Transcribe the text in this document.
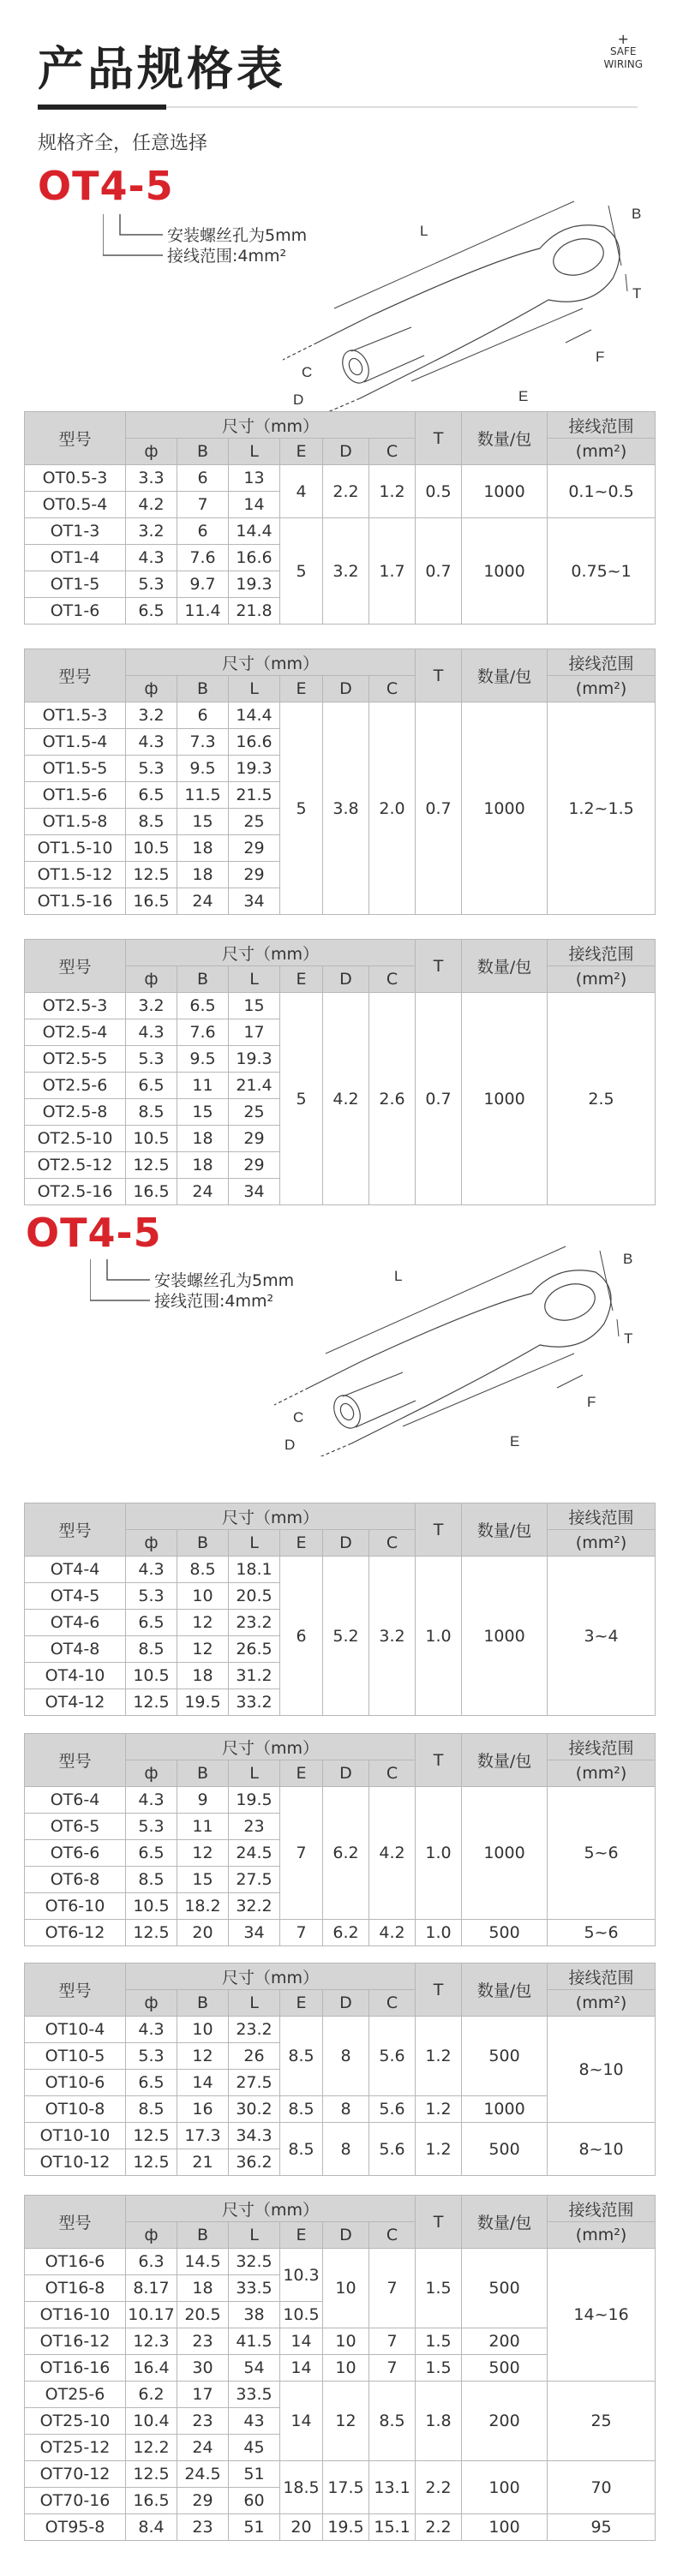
产品规格表
+
SAFE
WIRING
规格齐全，任意选择
OT4-5
安装螺丝孔为5mm
接线范围:4mm²
L
B
T
C
D	E
F
型号	尺寸（mm）						T	数量/包	接线范围
	ф	B	L	E	D	C			(mm²)
OT0.5-3	3.3	6	13	4	2.2	1.2	0.5	1000	0.1~0.5
OT0.5-4	4.2	7	14						
OT1-3	3.2	6	14.4	5	3.2	1.7	0.7	1000	0.75~1
OT1-4	4.3	7.6	16.6						
OT1-5	5.3	9.7	19.3						
OT1-6	6.5	11.4	21.8						
型号	尺寸（mm）						T	数量/包	接线范围
	ф	B	L	E	D	C			(mm²)
OT1.5-3	3.2	6	14.4	5	3.8	2.0	0.7	1000	1.2~1.5
OT1.5-4	4.3	7.3	16.6						
OT1.5-5	5.3	9.5	19.3						
OT1.5-6	6.5	11.5	21.5						
OT1.5-8	8.5	15	25						
OT1.5-10	10.5	18	29						
OT1.5-12	12.5	18	29						
OT1.5-16	16.5	24	34						
型号	尺寸（mm）						T	数量/包	接线范围
	ф	B	L	E	D	C			(mm²)
OT2.5-3	3.2	6.5	15	5	4.2	2.6	0.7	1000	2.5
OT2.5-4	4.3	7.6	17						
OT2.5-5	5.3	9.5	19.3						
OT2.5-6	6.5	11	21.4						
OT2.5-8	8.5	15	25						
OT2.5-10	10.5	18	29						
OT2.5-12	12.5	18	29						
OT2.5-16	16.5	24	34						
OT4-5
安装螺丝孔为5mm
接线范围:4mm²
L
B
T
C
D	E
F
型号	尺寸（mm）						T	数量/包	接线范围
	ф	B	L	E	D	C			(mm²)
OT4-4	4.3	8.5	18.1	6	5.2	3.2	1.0	1000	3~4
OT4-5	5.3	10	20.5						
OT4-6	6.5	12	23.2						
OT4-8	8.5	12	26.5						
OT4-10	10.5	18	31.2						
OT4-12	12.5	19.5	33.2						
型号	尺寸（mm）						T	数量/包	接线范围
	ф	B	L	E	D	C			(mm²)
OT6-4	4.3	9	19.5	7	6.2	4.2	1.0	1000	5~6
OT6-5	5.3	11	23						
OT6-6	6.5	12	24.5						
OT6-8	8.5	15	27.5						
OT6-10	10.5	18.2	32.2						
OT6-12	12.5	20	34	7	6.2	4.2	1.0	500	5~6
型号	尺寸（mm）						T	数量/包	接线范围
	ф	B	L	E	D	C			(mm²)
OT10-4	4.3	10	23.2	8.5	8	5.6	1.2	500	8~10
OT10-5	5.3	12	26						
OT10-6	6.5	14	27.5						
OT10-8	8.5	16	30.2	8.5	8	5.6	1.2	1000	
OT10-10	12.5	17.3	34.3	8.5	8	5.6	1.2	500	8~10
OT10-12	12.5	21	36.2						
型号	尺寸（mm）						T	数量/包	接线范围
	ф	B	L	E	D	C			(mm²)
OT16-6	6.3	14.5	32.5	10.3	10	7	1.5	500	14~16
OT16-8	8.17	18	33.5						
OT16-10	10.17	20.5	38	10.5					
OT16-12	12.3	23	41.5	14	10	7	1.5	200	
OT16-16	16.4	30	54	14	10	7	1.5	500	
OT25-6	6.2	17	33.5	14	12	8.5	1.8	200	25
OT25-10	10.4	23	43						
OT25-12	12.2	24	45						
OT70-12	12.5	24.5	51	18.5	17.5	13.1	2.2	100	70
OT70-16	16.5	29	60						
OT95-8	8.4	23	51	20	19.5	15.1	2.2	100	95
